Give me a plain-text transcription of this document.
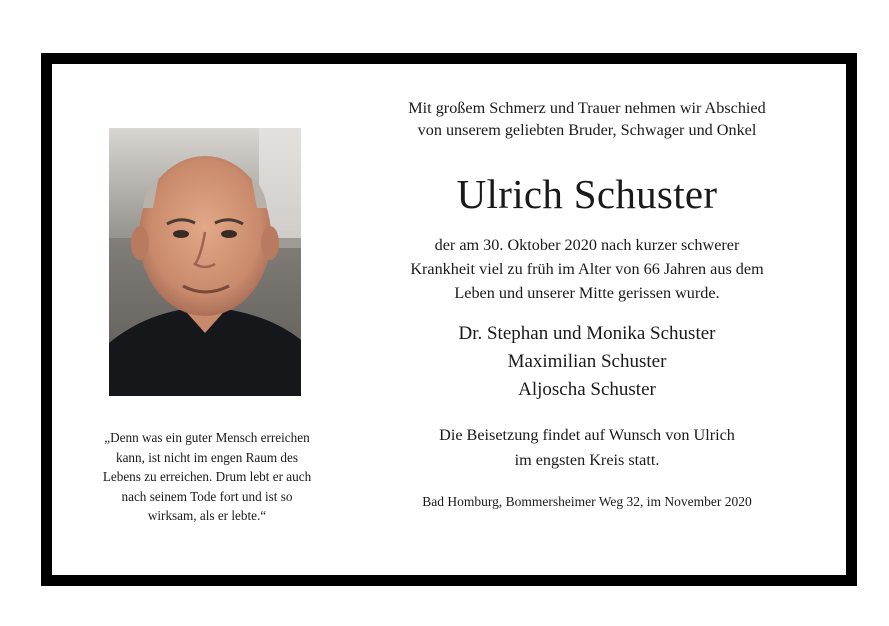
„Denn was ein guter Mensch erreichen

kann, ist nicht im engen Raum des

Lebens zu erreichen. Drum lebt er auch

nach seinem Tode fort und ist so

wirksam, als er lebte.“

Mit großem Schmerz und Trauer nehmen wir Abschied

von unserem geliebten Bruder, Schwager und Onkel

Ulrich Schuster

der am 30. Oktober 2020 nach kurzer schwerer

Krankheit viel zu früh im Alter von 66 Jahren aus dem

Leben und unserer Mitte gerissen wurde.

Dr. Stephan und Monika Schuster

Maximilian Schuster

Aljoscha Schuster

Die Beisetzung findet auf Wunsch von Ulrich

im engsten Kreis statt.

Bad Homburg, Bommersheimer Weg 32, im November 2020
